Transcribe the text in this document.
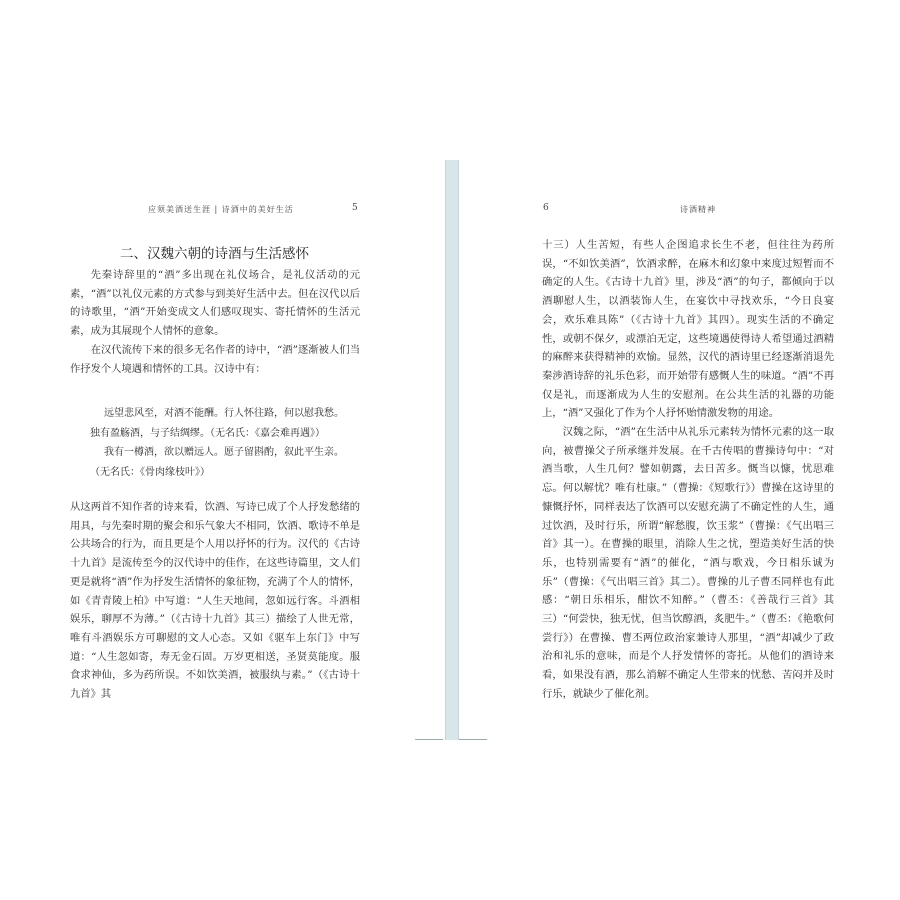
应须美酒送生涯 | 诗酒中的美好生活	5
二、汉魏六朝的诗酒与生活感怀

先秦诗辞里的“酒”多出现在礼仪场合，是礼仪活动的元素，“酒”以礼仪元素的方式参与到美好生活中去。但在汉代以后的诗歌里，“酒”开始变成文人们感叹现实、寄托情怀的生活元素，成为其展现个人情怀的意象。

在汉代流传下来的很多无名作者的诗中，“酒”逐渐被人们当作抒发个人境遇和情怀的工具。汉诗中有：

远望悲风至，对酒不能酬。行人怀往路，何以慰我愁。

独有盈觞酒，与子结绸缪。（无名氏：《嘉会难再遇》）

我有一樽酒，欲以赠远人。愿子留斟酌，叙此平生亲。

（无名氏：《骨肉缘枝叶》）

从这两首不知作者的诗来看，饮酒、写诗已成了个人抒发愁绪的用具，与先秦时期的聚会和乐气象大不相同，饮酒、歌诗不单是公共场合的行为，而且更是个人用以抒怀的行为。汉代的《古诗十九首》是流传至今的汉代诗中的佳作，在这些诗篇里，文人们更是就将“酒”作为抒发生活情怀的象征物，充满了个人的情怀，如《青青陵上柏》中写道：“人生天地间，忽如远行客。斗酒相娱乐，聊厚不为薄。”（《古诗十九首》其三）描绘了人世无常，唯有斗酒娱乐方可聊慰的文人心态。又如《驱车上东门》中写道：“人生忽如寄，寿无金石固。万岁更相送，圣贤莫能度。服食求神仙，多为药所误。不如饮美酒，被服纨与素。”（《古诗十九首》其

6	诗酒精神

十三）人生苦短，有些人企图追求长生不老，但往往为药所误，“不如饮美酒”，饮酒求醉，在麻木和幻象中来度过短暂而不确定的人生。《古诗十九首》里，涉及“酒”的句子，都倾向于以酒聊慰人生，以酒装饰人生，在宴饮中寻找欢乐，“今日良宴会，欢乐难具陈”（《古诗十九首》其四）。现实生活的不确定性，或朝不保夕，或漂泊无定，这些境遇使得诗人希望通过酒精的麻醉来获得精神的欢愉。显然，汉代的酒诗里已经逐渐消退先秦涉酒诗辞的礼乐色彩，而开始带有感慨人生的味道。“酒”不再仅是礼，而逐渐成为人生的安慰剂。在公共生活的礼器的功能上，“酒”又强化了作为个人抒怀贻情激发物的用途。

汉魏之际，“酒”在生活中从礼乐元素转为情怀元素的这一取向，被曹操父子所承继并发展。在千古传唱的曹操诗句中：“对酒当歌，人生几何？譬如朝露，去日苦多。慨当以慷，忧思难忘。何以解忧？唯有杜康。”（曹操：《短歌行》）曹操在这诗里的慷慨抒怀，同样表达了饮酒可以安慰充满了不确定性的人生，通过饮酒，及时行乐，所谓“解愁腹，饮玉浆”（曹操：《气出唱三首》其一）。在曹操的眼里，消除人生之忧，塑造美好生活的快乐，也特别需要有“酒”的催化，“酒与歌戏，今日相乐诚为乐”（曹操：《气出唱三首》其二）。曹操的儿子曹丕同样也有此感：“朝日乐相乐，酣饮不知醉。”（曹丕：《善哉行三首》其三）“何尝快，独无忧，但当饮醇酒，炙肥牛。”（曹丕：《艳歌何尝行》）在曹操、曹丕两位政治家兼诗人那里，“酒”却减少了政治和礼乐的意味，而是个人抒发情怀的寄托。从他们的酒诗来看，如果没有酒，那么消解不确定人生带来的忧愁、苦闷并及时行乐，就缺少了催化剂。
